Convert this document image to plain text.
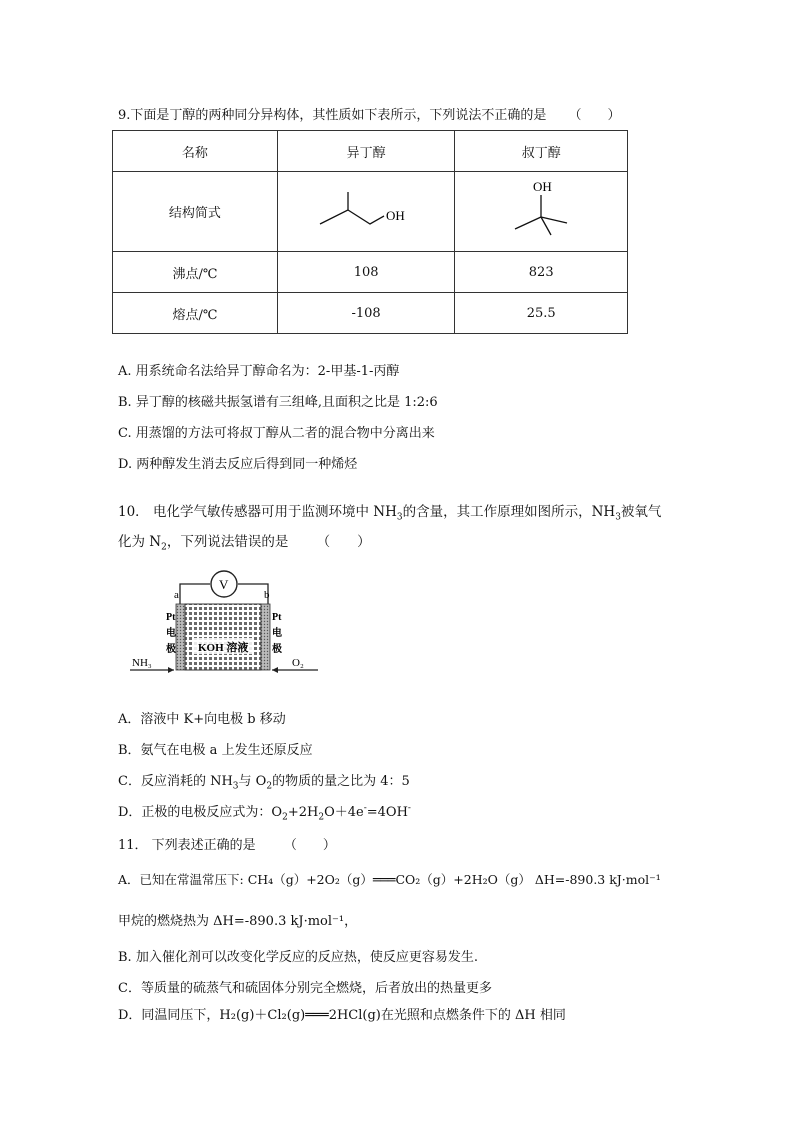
9.下面是丁醇的两种同分异构体，其性质如下表所示，下列说法不正确的是 （　　）
名称	异丁醇	叔丁醇
结构简式	OH	OH

沸点/℃	108	823
熔点/℃	-108	25.5
A. 用系统命名法给异丁醇命名为：2-甲基-1-丙醇
B. 异丁醇的核磁共振氢谱有三组峰,且面积之比是 1:2:6
C. 用蒸馏的方法可将叔丁醇从二者的混合物中分离出来
D. 两种醇发生消去反应后得到同一种烯烃
10． 电化学气敏传感器可用于监测环境中 $NH_3$的含量，其工作原理如图所示，$NH_3$被氧气
化为 $N_2$，下列说法错误的是 （　　）
V
a	b
KOH 溶液
Pt
电
极
Pt
电
极
NH₃	O₂
A．溶液中 K+向电极 b 移动
B．氨气在电极 a 上发生还原反应
C．反应消耗的 $NH_3$与 $O_2$的物质的量之比为 4：5
D．正极的电极反应式为：$O_2+2H_2O+4e^-=4OH^-$
11． 下列表述正确的是 （　　）
A．已知在常温常压下: CH₄（g）+2O₂（g）═══CO₂（g）+2H₂O（g） ΔH=-890.3 kJ·mol⁻¹
甲烷的燃烧热为 ΔH=-890.3 kJ·mol⁻¹，
B. 加入催化剂可以改变化学反应的反应热，使反应更容易发生.
C．等质量的硫蒸气和硫固体分别完全燃烧，后者放出的热量更多
D．同温同压下，H₂(g)＋Cl₂(g)═══2HCl(g)在光照和点燃条件下的 ΔH 相同
